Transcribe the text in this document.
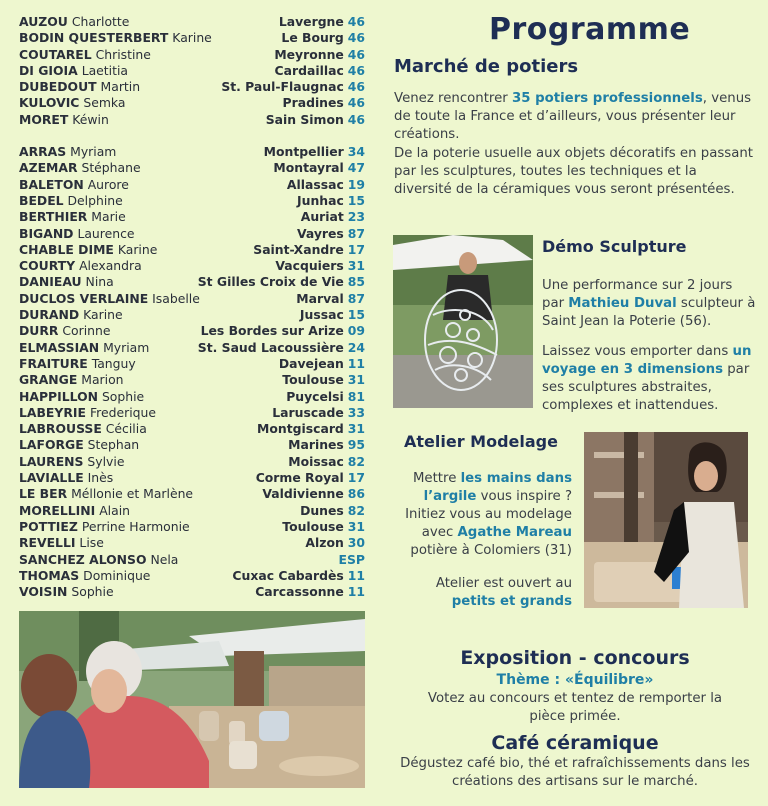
AUZOU Charlotte	Lavergne 46
BODIN QUESTERBERT Karine	Le Bourg 46
COUTAREL Christine	Meyronne 46
DI GIOIA Laetitia	Cardaillac 46
DUBEDOUT Martin	St. Paul-Flaugnac 46
KULOVIC Semka	Pradines 46
MORET Kéwin	Sain Simon 46
ARRAS Myriam	Montpellier 34
AZEMAR Stéphane	Montayral 47
BALETON Aurore	Allassac 19
BEDEL Delphine	Junhac 15
BERTHIER Marie	Auriat 23
BIGAND Laurence	Vayres 87
CHABLE DIME Karine	Saint-Xandre 17
COURTY Alexandra	Vacquiers 31
DANIEAU Nina	St Gilles Croix de Vie 85
DUCLOS VERLAINE Isabelle	Marval 87
DURAND Karine	Jussac 15
DURR Corinne	Les Bordes sur Arize 09
ELMASSIAN Myriam	St. Saud Lacoussière 24
FRAITURE Tanguy	Davejean 11
GRANGE Marion	Toulouse 31
HAPPILLON Sophie	Puycelsi 81
LABEYRIE Frederique	Laruscade 33
LABROUSSE Cécilia	Montgiscard 31
LAFORGE Stephan	Marines 95
LAURENS Sylvie	Moissac 82
LAVIALLE Inès	Corme Royal 17
LE BER Méllonie et Marlène	Valdivienne 86
MORELLINI Alain	Dunes 82
POTTIEZ Perrine Harmonie	Toulouse 31
REVELLI Lise	Alzon 30
SANCHEZ ALONSO Nela	ESP
THOMAS Dominique	Cuxac Cabardès 11
VOISIN Sophie	Carcassonne 11
Programme
Marché de potiers

Venez rencontrer 35 potiers professionnels, venus de toute la France et d’ailleurs, vous présenter leur créations.

De la poterie usuelle aux objets décoratifs en passant par les sculptures, toutes les techniques et la diversité de la céramiques vous seront présentées.

Démo Sculpture

Une performance sur 2 jours par Mathieu Duval sculpteur à Saint Jean la Poterie (56).

Laissez vous emporter dans un voyage en 3 dimensions par ses sculptures abstraites, complexes et inattendues.

Atelier Modelage

Mettre les mains dans l’argile vous inspire ? Initiez vous au modelage avec Agathe Mareau potière à Colomiers (31)

Atelier est ouvert au petits et grands

Exposition - concours

Thème : «Équilibre»

Votez au concours et tentez de remporter la pièce primée.

Café céramique

Dégustez café bio, thé et rafraîchissements dans les créations des artisans sur le marché.
